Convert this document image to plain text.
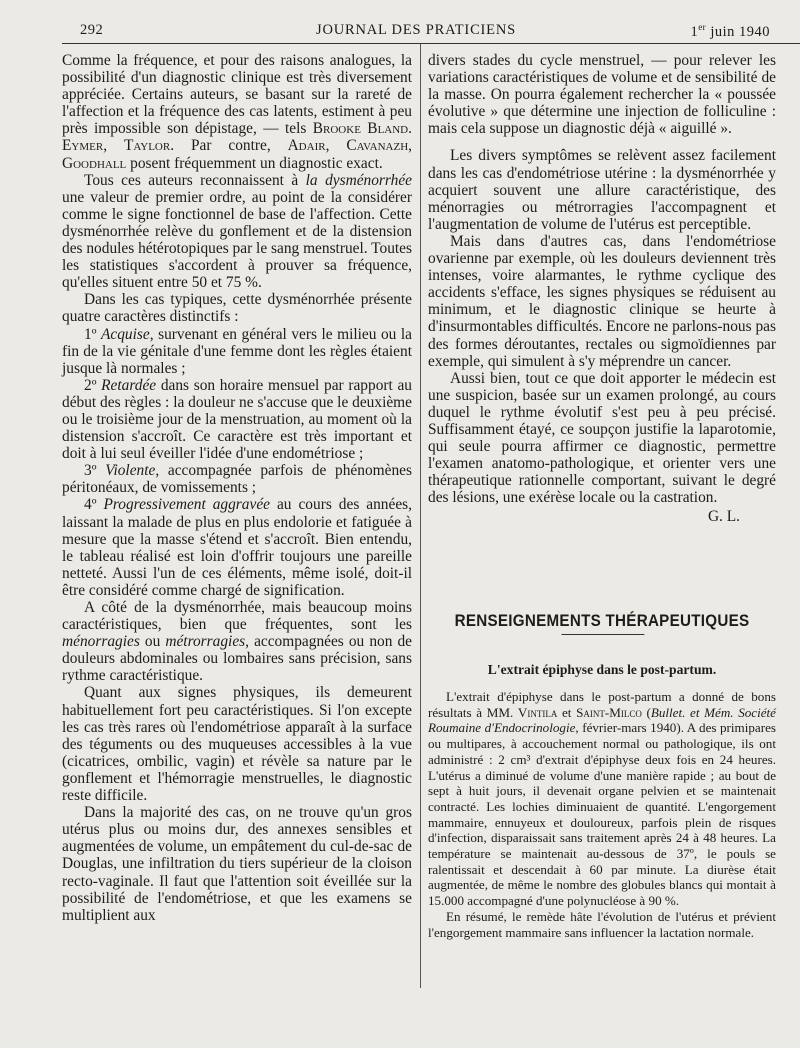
292	JOURNAL DES PRATICIENS	1er juin 1940

Comme la fréquence, et pour des raisons analogues, la possibilité d'un diagnostic clinique est très diversement appréciée. Certains auteurs, se basant sur la rareté de l'affection et la fréquence des cas latents, estiment à peu près impossible son dépistage, — tels Brooke Bland. Eymer, Taylor. Par contre, Adair, Cavanazh, Goodhall posent fréquemment un diagnostic exact.

Tous ces auteurs reconnaissent à la dysménorrhée une valeur de premier ordre, au point de la considérer comme le signe fonctionnel de base de l'affection. Cette dysménorrhée relève du gonflement et de la distension des nodules hétérotopiques par le sang menstruel. Toutes les statistiques s'accordent à prouver sa fréquence, qu'elles situent entre 50 et 75 %.

Dans les cas typiques, cette dysménorrhée présente quatre caractères distinctifs :

1º Acquise, survenant en général vers le milieu ou la fin de la vie génitale d'une femme dont les règles étaient jusque là normales ;

2º Retardée dans son horaire mensuel par rapport au début des règles : la douleur ne s'accuse que le deuxième ou le troisième jour de la menstruation, au moment où la distension s'accroît. Ce caractère est très important et doit à lui seul éveiller l'idée d'une endométriose ;

3º Violente, accompagnée parfois de phénomènes péritonéaux, de vomissements ;

4º Progressivement aggravée au cours des années, laissant la malade de plus en plus endolorie et fatiguée à mesure que la masse s'étend et s'accroît. Bien entendu, le tableau réalisé est loin d'offrir toujours une pareille netteté. Aussi l'un de ces éléments, même isolé, doit-il être considéré comme chargé de signification.

A côté de la dysménorrhée, mais beaucoup moins caractéristiques, bien que fréquentes, sont les ménorragies ou métrorragies, accompagnées ou non de douleurs abdominales ou lombaires sans précision, sans rythme caractéristique.

Quant aux signes physiques, ils demeurent habituellement fort peu caractéristiques. Si l'on excepte les cas très rares où l'endométriose apparaît à la surface des téguments ou des muqueuses accessibles à la vue (cicatrices, ombilic, vagin) et révèle sa nature par le gonflement et l'hémorragie menstruelles, le diagnostic reste difficile.

Dans la majorité des cas, on ne trouve qu'un gros utérus plus ou moins dur, des annexes sensibles et augmentées de volume, un empâtement du cul-de-sac de Douglas, une infiltration du tiers supérieur de la cloison recto-vaginale. Il faut que l'attention soit éveillée sur la possibilité de l'endométriose, et que les examens se multiplient aux

divers stades du cycle menstruel, — pour relever les variations caractéristiques de volume et de sensibilité de la masse. On pourra également rechercher la « poussée évolutive » que détermine une injection de folliculine : mais cela suppose un diagnostic déjà « aiguillé ».

Les divers symptômes se relèvent assez facilement dans les cas d'endométriose utérine : la dysménorrhée y acquiert souvent une allure caractéristique, des ménorragies ou métrorragies l'accompagnent et l'augmentation de volume de l'utérus est perceptible.

Mais dans d'autres cas, dans l'endométriose ovarienne par exemple, où les douleurs deviennent très intenses, voire alarmantes, le rythme cyclique des accidents s'efface, les signes physiques se réduisent au minimum, et le diagnostic clinique se heurte à d'insurmontables difficultés. Encore ne parlons-nous pas des formes déroutantes, rectales ou sigmoïdiennes par exemple, qui simulent à s'y méprendre un cancer.

Aussi bien, tout ce que doit apporter le médecin est une suspicion, basée sur un examen prolongé, au cours duquel le rythme évolutif s'est peu à peu précisé. Suffisamment étayé, ce soupçon justifie la laparotomie, qui seule pourra affirmer ce diagnostic, permettre l'examen anatomo-pathologique, et orienter vers une thérapeutique rationnelle comportant, suivant le degré des lésions, une exérèse locale ou la castration.

G. L.

RENSEIGNEMENTS THÉRAPEUTIQUES
L'extrait épiphyse dans le post-partum.

L'extrait d'épiphyse dans le post-partum a donné de bons résultats à MM. Vintila et Saint-Milco (Bullet. et Mém. Société Roumaine d'Endocrinologie, février-mars 1940). A des primipares ou multipares, à accouchement normal ou pathologique, ils ont administré : 2 cm³ d'extrait d'épiphyse deux fois en 24 heures. L'utérus a diminué de volume d'une manière rapide ; au bout de sept à huit jours, il devenait organe pelvien et se maintenait contracté. Les lochies diminuaient de quantité. L'engorgement mammaire, ennuyeux et douloureux, parfois plein de risques d'infection, disparaissait sans traitement après 24 à 48 heures. La température se maintenait au-dessous de 37º, le pouls se ralentissait et descendait à 60 par minute. La diurèse était augmentée, de même le nombre des globules blancs qui montait à 15.000 accompagné d'une polynucléose à 90 %.

En résumé, le remède hâte l'évolution de l'utérus et prévient l'engorgement mammaire sans influencer la lactation normale.
